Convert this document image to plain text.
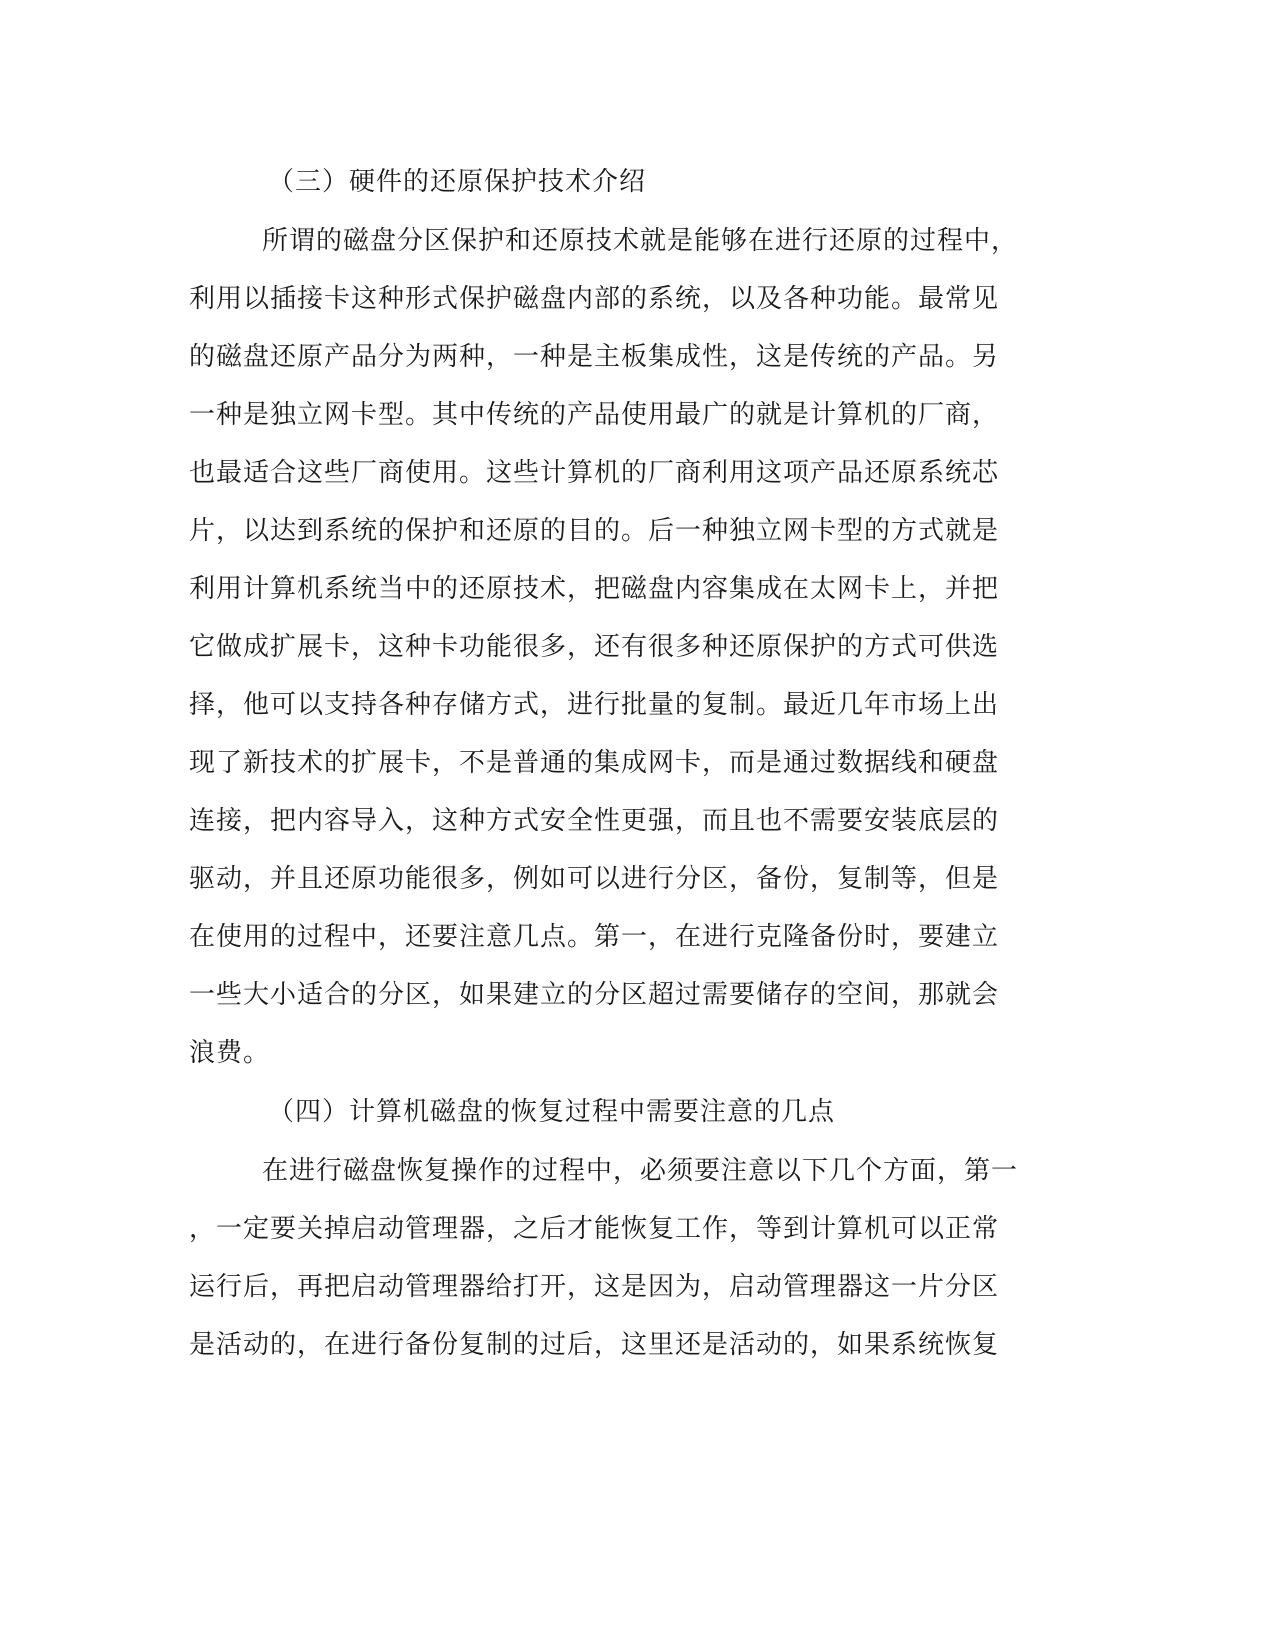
（三）硬件的还原保护技术介绍
所谓的磁盘分区保护和还原技术就是能够在进行还原的过程中，
利用以插接卡这种形式保护磁盘内部的系统，以及各种功能。最常见
的磁盘还原产品分为两种，一种是主板集成性，这是传统的产品。另
一种是独立网卡型。其中传统的产品使用最广的就是计算机的厂商，
也最适合这些厂商使用。这些计算机的厂商利用这项产品还原系统芯
片，以达到系统的保护和还原的目的。后一种独立网卡型的方式就是
利用计算机系统当中的还原技术，把磁盘内容集成在太网卡上，并把
它做成扩展卡，这种卡功能很多，还有很多种还原保护的方式可供选
择，他可以支持各种存储方式，进行批量的复制。最近几年市场上出
现了新技术的扩展卡，不是普通的集成网卡，而是通过数据线和硬盘
连接，把内容导入，这种方式安全性更强，而且也不需要安装底层的
驱动，并且还原功能很多，例如可以进行分区，备份，复制等，但是
在使用的过程中，还要注意几点。第一，在进行克隆备份时，要建立
一些大小适合的分区，如果建立的分区超过需要储存的空间，那就会
浪费。
（四）计算机磁盘的恢复过程中需要注意的几点
在进行磁盘恢复操作的过程中，必须要注意以下几个方面，第一
，一定要关掉启动管理器，之后才能恢复工作，等到计算机可以正常
运行后，再把启动管理器给打开，这是因为，启动管理器这一片分区
是活动的，在进行备份复制的过后，这里还是活动的，如果系统恢复
